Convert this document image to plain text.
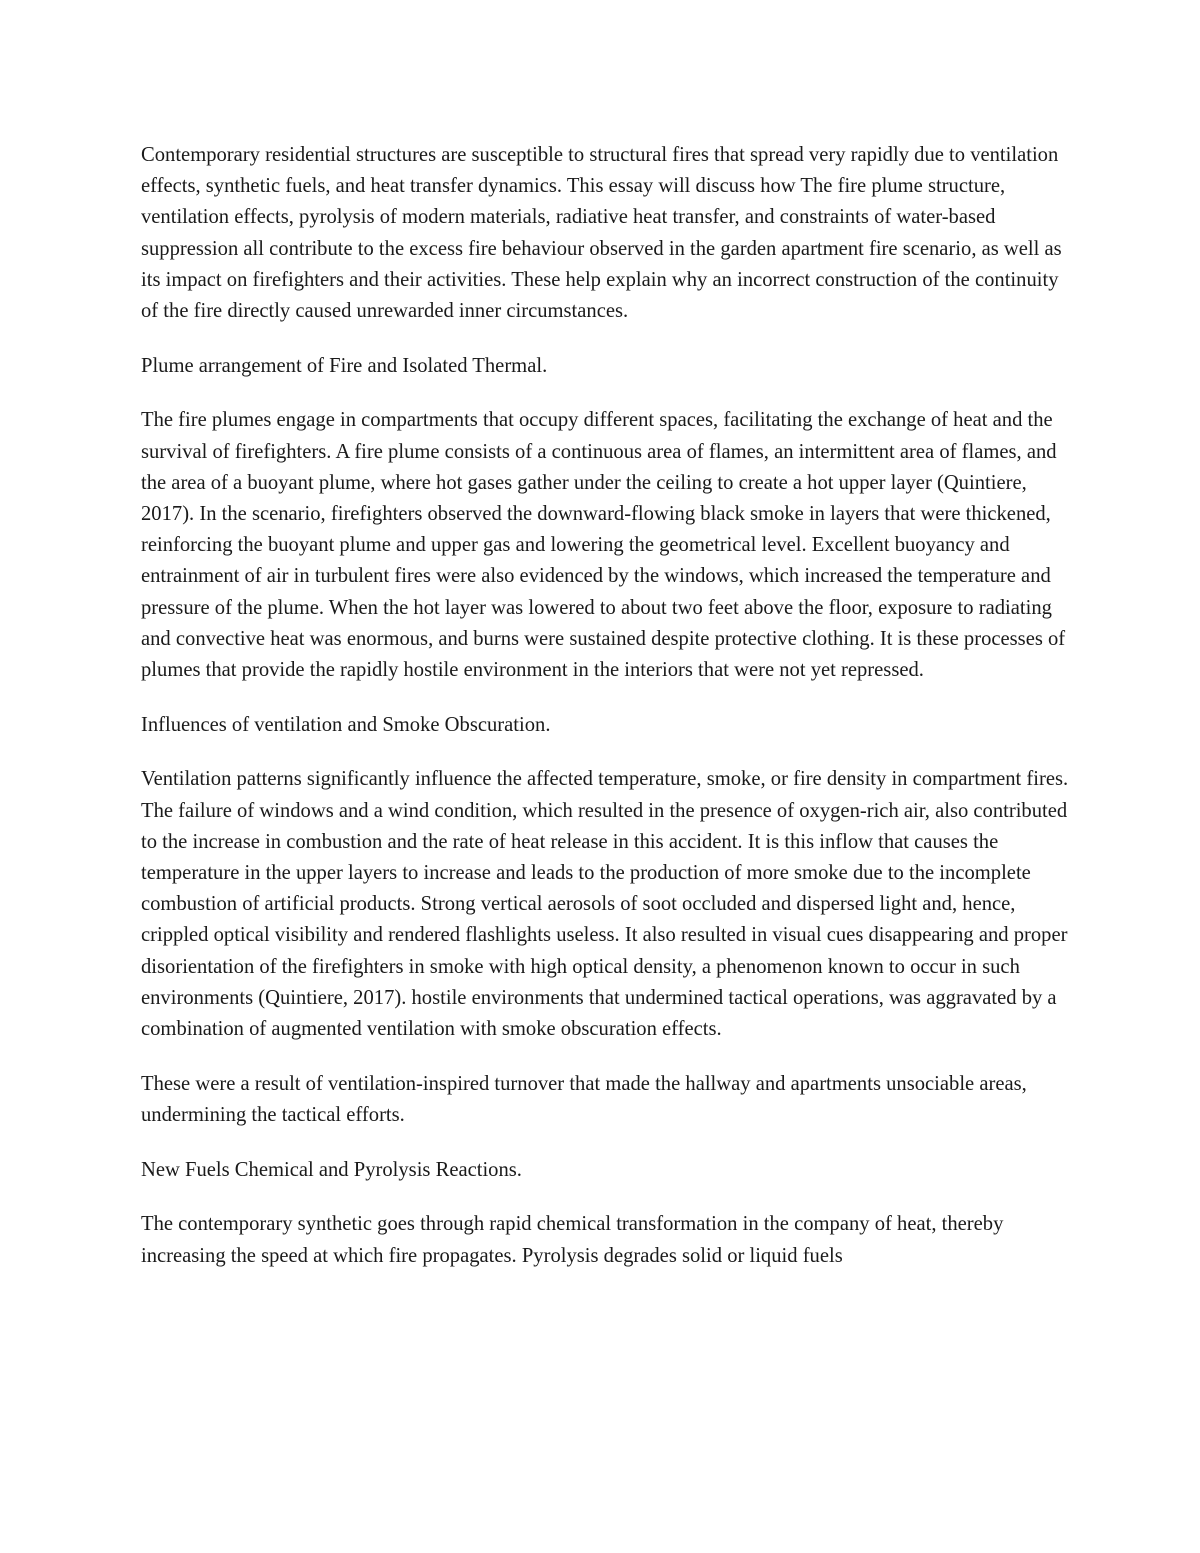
Contemporary residential structures are susceptible to structural fires that spread very rapidly due to ventilation effects, synthetic fuels, and heat transfer dynamics. This essay will discuss how The fire plume structure, ventilation effects, pyrolysis of modern materials, radiative heat transfer, and constraints of water-based suppression all contribute to the excess fire behaviour observed in the garden apartment fire scenario, as well as its impact on firefighters and their activities. These help explain why an incorrect construction of the continuity of the fire directly caused unrewarded inner circumstances.

Plume arrangement of Fire and Isolated Thermal.

The fire plumes engage in compartments that occupy different spaces, facilitating the exchange of heat and the survival of firefighters. A fire plume consists of a continuous area of flames, an intermittent area of flames, and the area of a buoyant plume, where hot gases gather under the ceiling to create a hot upper layer (Quintiere, 2017). In the scenario, firefighters observed the downward-flowing black smoke in layers that were thickened, reinforcing the buoyant plume and upper gas and lowering the geometrical level. Excellent buoyancy and entrainment of air in turbulent fires were also evidenced by the windows, which increased the temperature and pressure of the plume. When the hot layer was lowered to about two feet above the floor, exposure to radiating and convective heat was enormous, and burns were sustained despite protective clothing. It is these processes of plumes that provide the rapidly hostile environment in the interiors that were not yet repressed.

Influences of ventilation and Smoke Obscuration.

Ventilation patterns significantly influence the affected temperature, smoke, or fire density in compartment fires. The failure of windows and a wind condition, which resulted in the presence of oxygen-rich air, also contributed to the increase in combustion and the rate of heat release in this accident. It is this inflow that causes the temperature in the upper layers to increase and leads to the production of more smoke due to the incomplete combustion of artificial products. Strong vertical aerosols of soot occluded and dispersed light and, hence, crippled optical visibility and rendered flashlights useless. It also resulted in visual cues disappearing and proper disorientation of the firefighters in smoke with high optical density, a phenomenon known to occur in such environments (Quintiere, 2017). hostile environments that undermined tactical operations, was aggravated by a combination of augmented ventilation with smoke obscuration effects.

These were a result of ventilation-inspired turnover that made the hallway and apartments unsociable areas, undermining the tactical efforts.

New Fuels Chemical and Pyrolysis Reactions.

The contemporary synthetic goes through rapid chemical transformation in the company of heat, thereby increasing the speed at which fire propagates. Pyrolysis degrades solid or liquid fuels
